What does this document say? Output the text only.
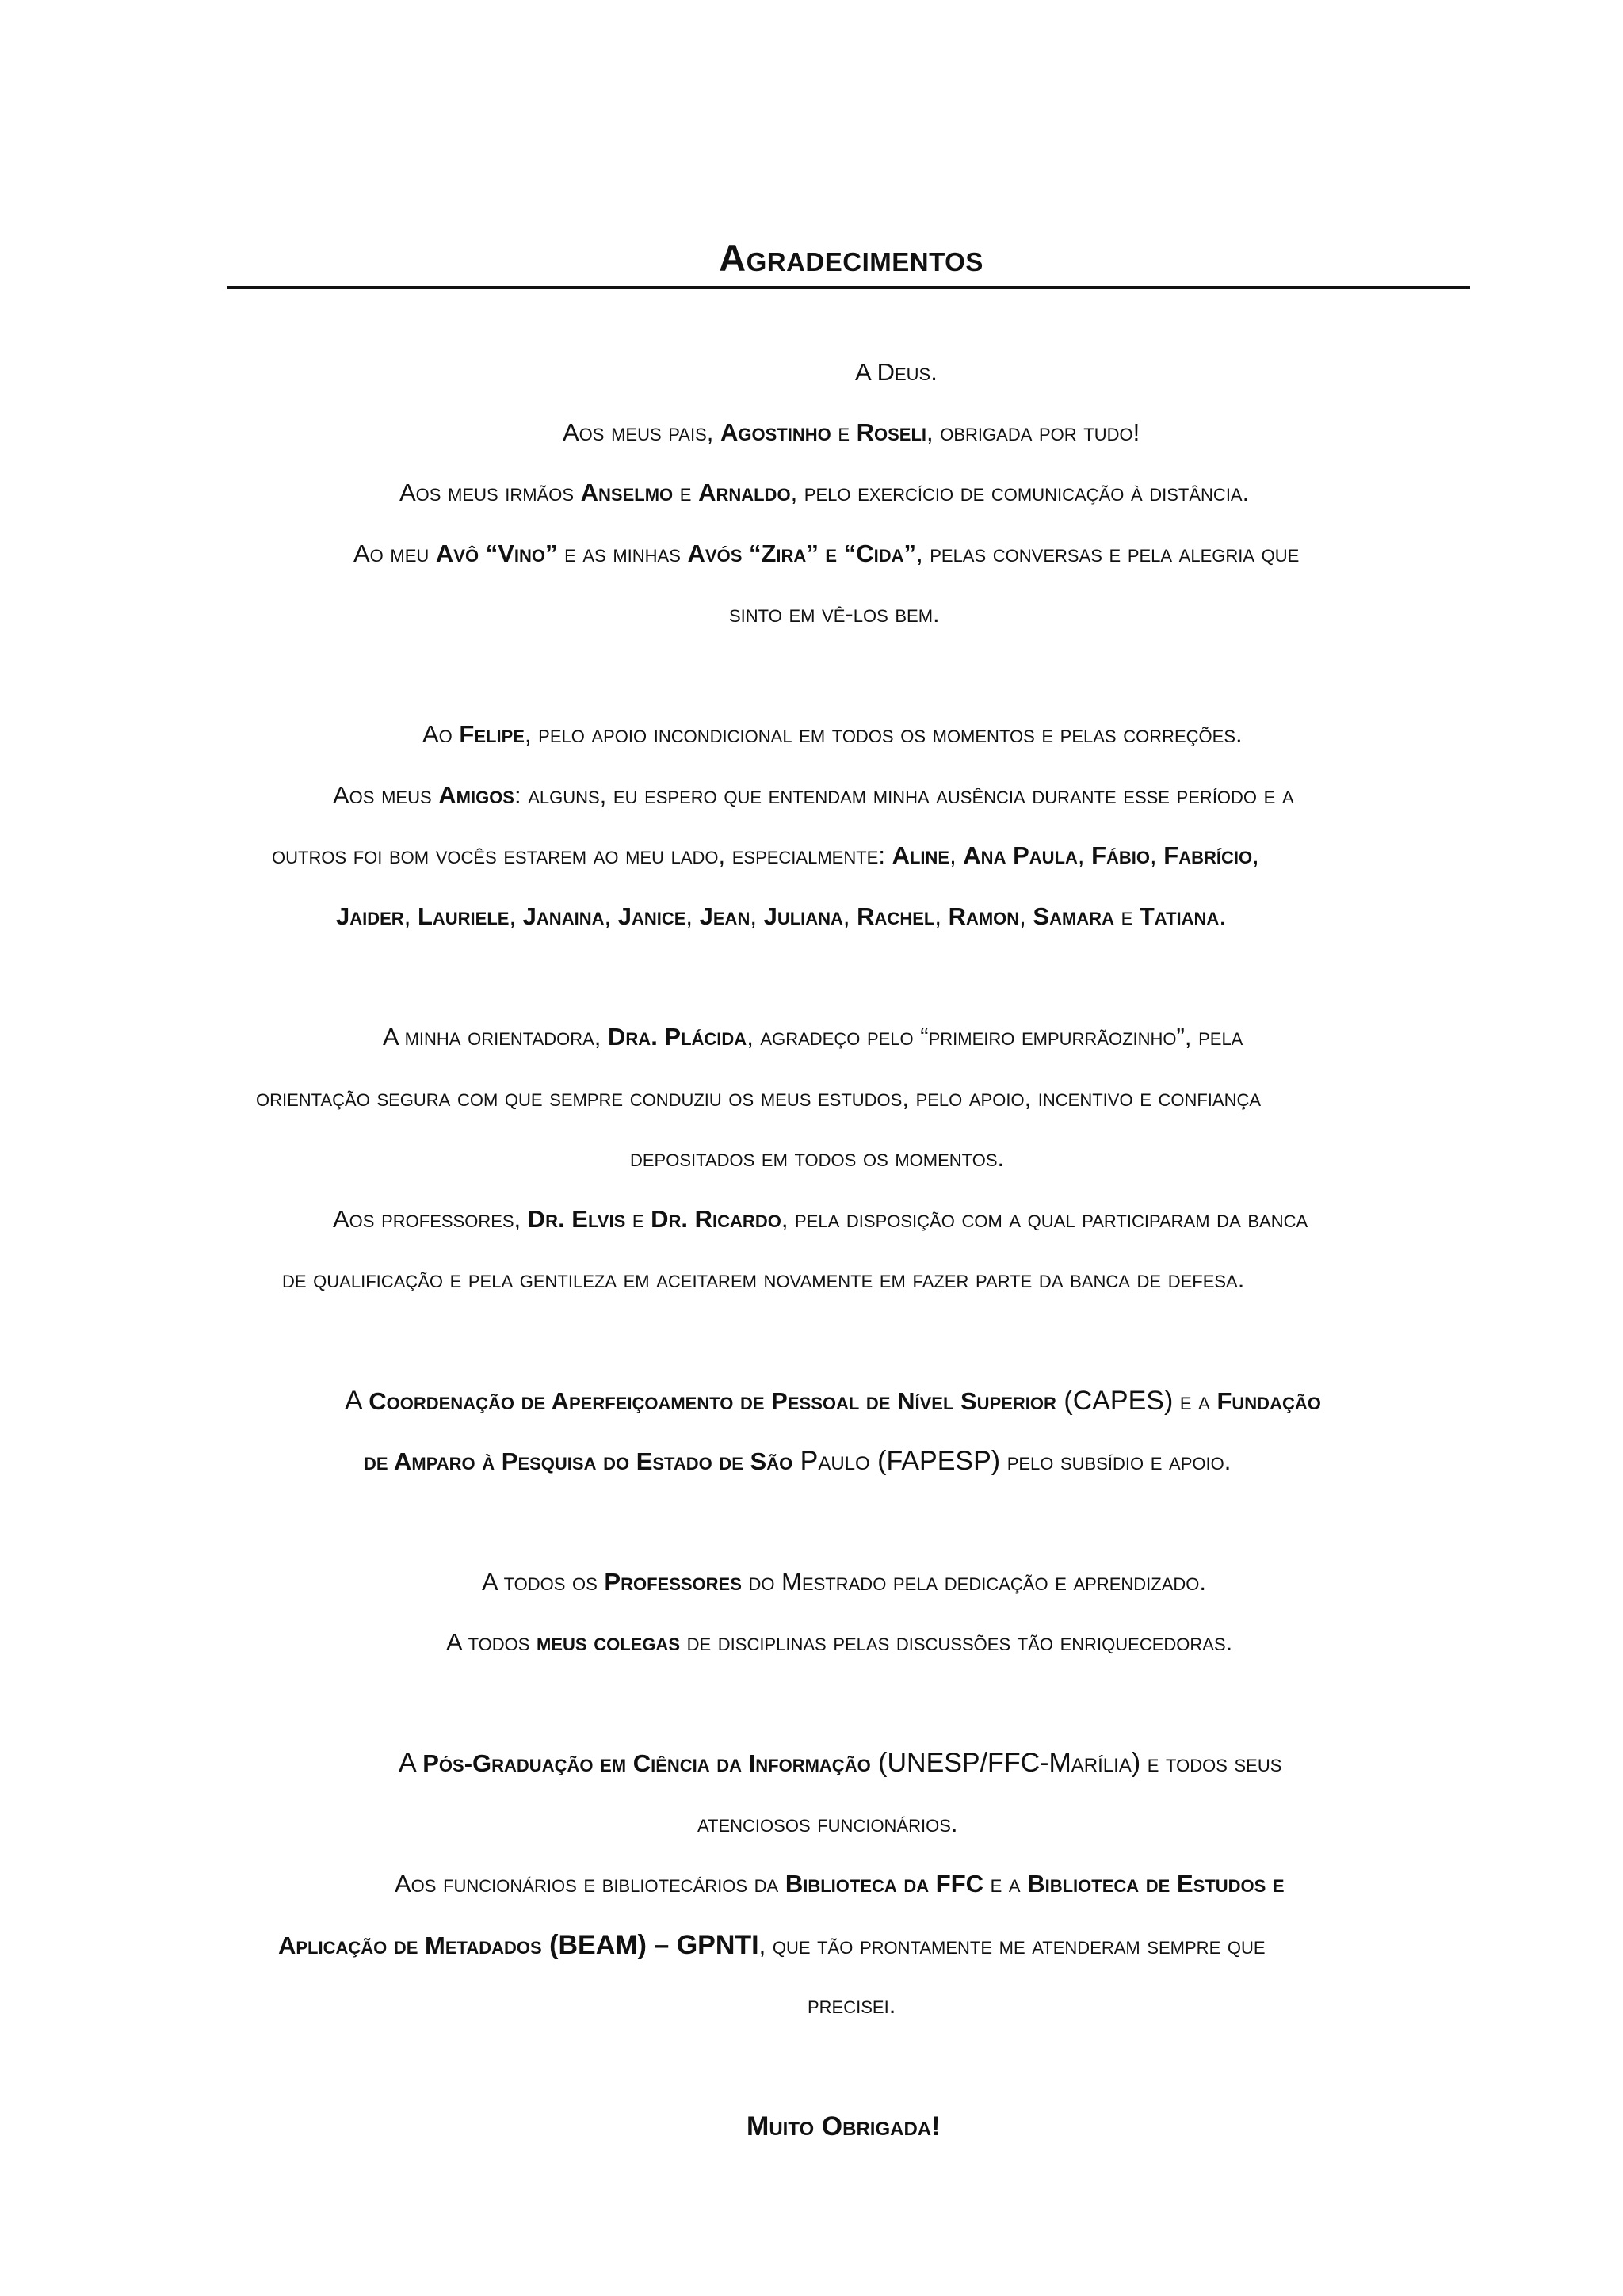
Agradecimentos
A Deus.
Aos meus pais, Agostinho e Roseli, obrigada por tudo!
Aos meus irmãos Anselmo e Arnaldo, pelo exercício de comunicação à distância.
Ao meu Avô “Vino” e as minhas Avós “Zira” e “Cida”, pelas conversas e pela alegria que
sinto em vê-los bem.
Ao Felipe, pelo apoio incondicional em todos os momentos e pelas correções.
Aos meus Amigos: alguns, eu espero que entendam minha ausência durante esse período e a
outros foi bom vocês estarem ao meu lado, especialmente: Aline, Ana Paula, Fábio, Fabrício,
Jaider, Lauriele, Janaina, Janice, Jean, Juliana, Rachel, Ramon, Samara e Tatiana.
A minha orientadora, Dra. Plácida, agradeço pelo “primeiro empurrãozinho”, pela
orientação segura com que sempre conduziu os meus estudos, pelo apoio, incentivo e confiança
depositados em todos os momentos.
Aos professores, Dr. Elvis e Dr. Ricardo, pela disposição com a qual participaram da banca
de qualificação e pela gentileza em aceitarem novamente em fazer parte da banca de defesa.
A Coordenação de Aperfeiçoamento de Pessoal de Nível Superior (CAPES) e a Fundação
de Amparo à Pesquisa do Estado de São Paulo (FAPESP) pelo subsídio e apoio.
A todos os Professores do Mestrado pela dedicação e aprendizado.
A todos meus colegas de disciplinas pelas discussões tão enriquecedoras.
A Pós-Graduação em Ciência da Informação (UNESP/FFC-Marília) e todos seus
atenciosos funcionários.
Aos funcionários e bibliotecários da Biblioteca da FFC e a Biblioteca de Estudos e
Aplicação de Metadados (BEAM) – GPNTI, que tão prontamente me atenderam sempre que
precisei.
Muito Obrigada!
